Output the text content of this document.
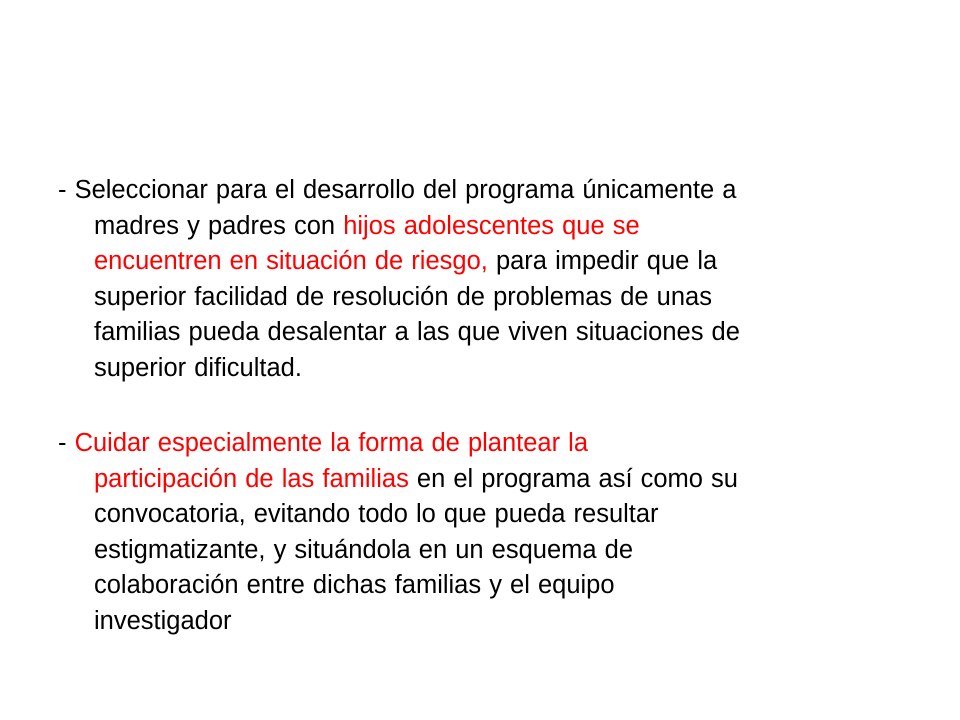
- Seleccionar para el desarrollo del programa únicamente a
madres y padres con hijos adolescentes que se
encuentren en situación de riesgo, para impedir que la
superior facilidad de resolución de problemas de unas
familias pueda desalentar a las que viven situaciones de
superior dificultad.

- Cuidar especialmente la forma de plantear la
participación de las familias en el programa así como su
convocatoria, evitando todo lo que pueda resultar
estigmatizante, y situándola en un esquema de
colaboración entre dichas familias y el equipo
investigador
